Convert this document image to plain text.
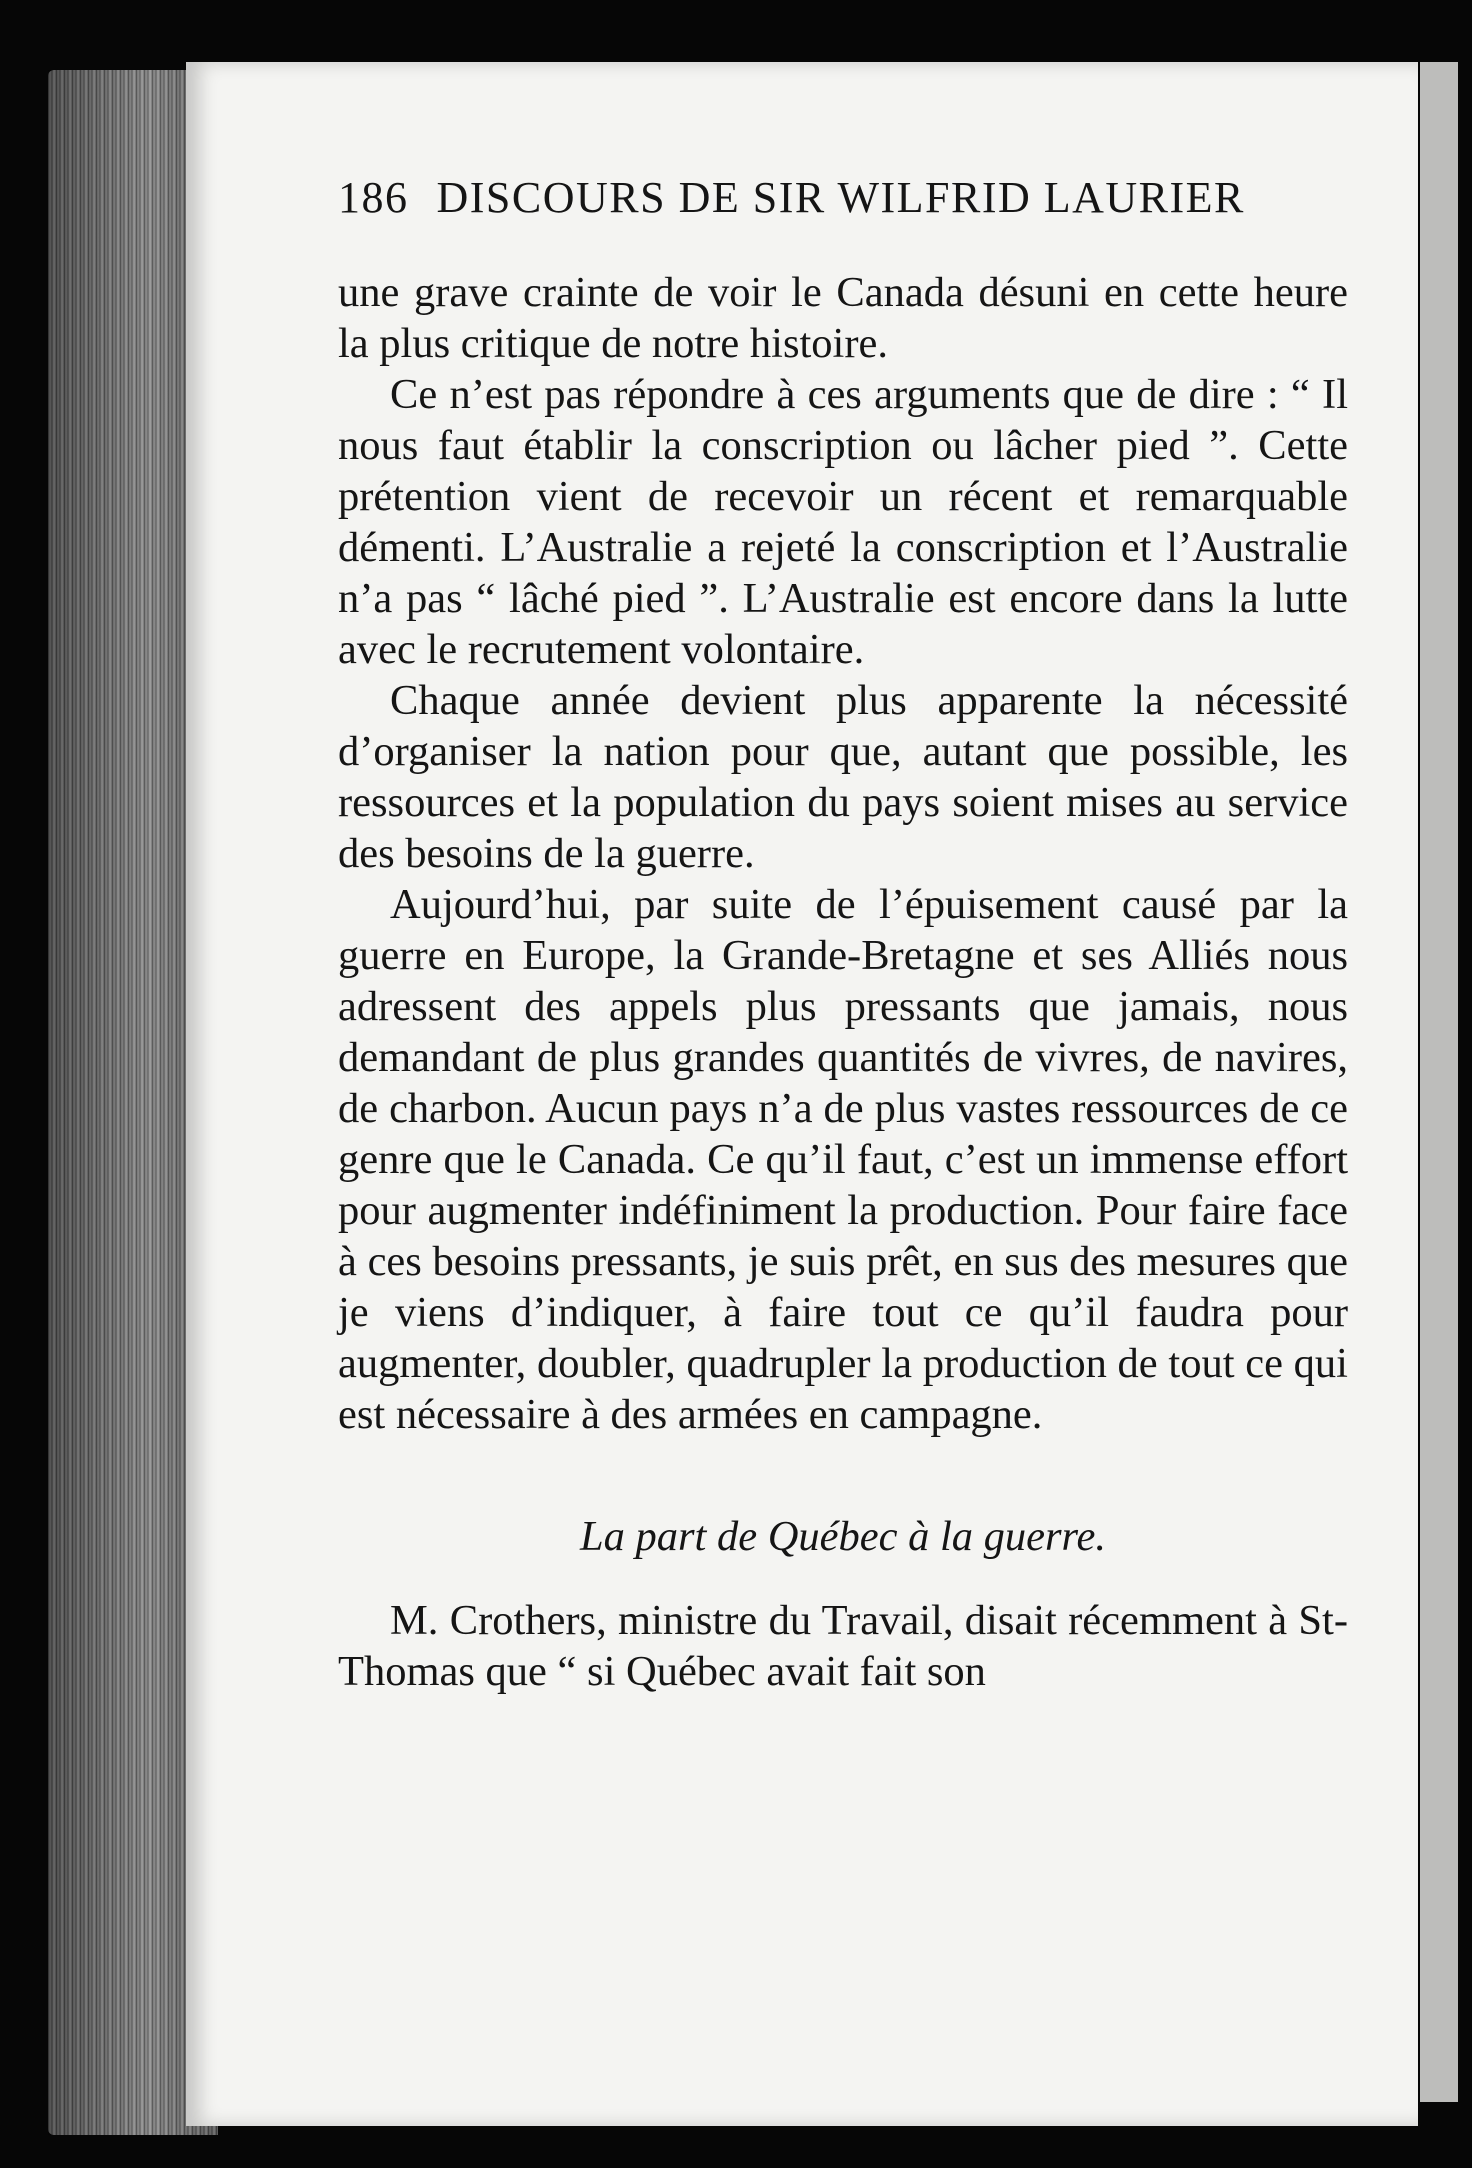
186 DISCOURS DE SIR WILFRID LAURIER

une grave crainte de voir le Canada désuni en cette heure la plus critique de notre histoire.

Ce n’est pas répondre à ces arguments que de dire : “ Il nous faut établir la conscription ou lâcher pied ”. Cette prétention vient de recevoir un récent et remarquable démenti. L’Australie a rejeté la conscription et l’Australie n’a pas “ lâché pied ”. L’Australie est encore dans la lutte avec le recrutement volontaire.

Chaque année devient plus apparente la nécessité d’organiser la nation pour que, autant que possible, les ressources et la population du pays soient mises au service des besoins de la guerre.

Aujourd’hui, par suite de l’épuisement causé par la guerre en Europe, la Grande-Bretagne et ses Alliés nous adressent des appels plus pressants que jamais, nous demandant de plus grandes quantités de vivres, de navires, de charbon. Aucun pays n’a de plus vastes ressources de ce genre que le Canada. Ce qu’il faut, c’est un immense effort pour augmenter indéfiniment la production. Pour faire face à ces besoins pressants, je suis prêt, en sus des mesures que je viens d’indiquer, à faire tout ce qu’il faudra pour augmenter, doubler, quadrupler la production de tout ce qui est nécessaire à des armées en campagne.

La part de Québec à la guerre.

M. Crothers, ministre du Travail, disait récemment à St-Thomas que “ si Québec avait fait son
